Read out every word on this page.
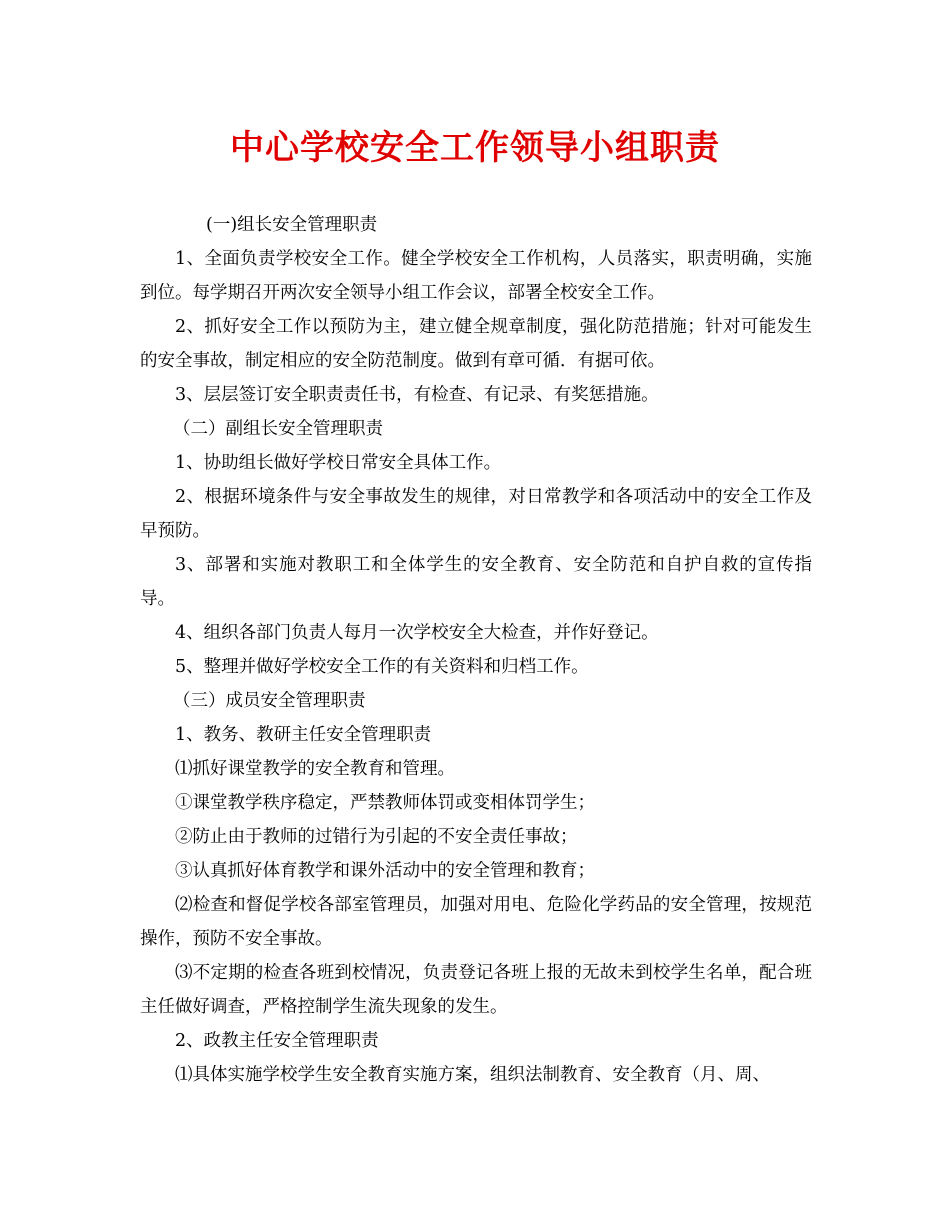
中心学校安全工作领导小组职责

(一)组长安全管理职责

1、全面负责学校安全工作。健全学校安全工作机构，人员落实，职责明确，实施到位。每学期召开两次安全领导小组工作会议，部署全校安全工作。

2、抓好安全工作以预防为主，建立健全规章制度，强化防范措施；针对可能发生的安全事故，制定相应的安全防范制度。做到有章可循．有据可依。

3、层层签订安全职责责任书，有检查、有记录、有奖惩措施。

（二）副组长安全管理职责

1、协助组长做好学校日常安全具体工作。

2、根据环境条件与安全事故发生的规律，对日常教学和各项活动中的安全工作及早预防。

3、部署和实施对教职工和全体学生的安全教育、安全防范和自护自救的宣传指导。

4、组织各部门负责人每月一次学校安全大检查，并作好登记。

5、整理并做好学校安全工作的有关资料和归档工作。

（三）成员安全管理职责

1、教务、教研主任安全管理职责

⑴抓好课堂教学的安全教育和管理。

①课堂教学秩序稳定，严禁教师体罚或变相体罚学生；

②防止由于教师的过错行为引起的不安全责任事故；

③认真抓好体育教学和课外活动中的安全管理和教育；

⑵检查和督促学校各部室管理员，加强对用电、危险化学药品的安全管理，按规范操作，预防不安全事故。

⑶不定期的检查各班到校情况，负责登记各班上报的无故未到校学生名单，配合班主任做好调查，严格控制学生流失现象的发生。

2、政教主任安全管理职责

⑴具体实施学校学生安全教育实施方案，组织法制教育、安全教育（月、周、
